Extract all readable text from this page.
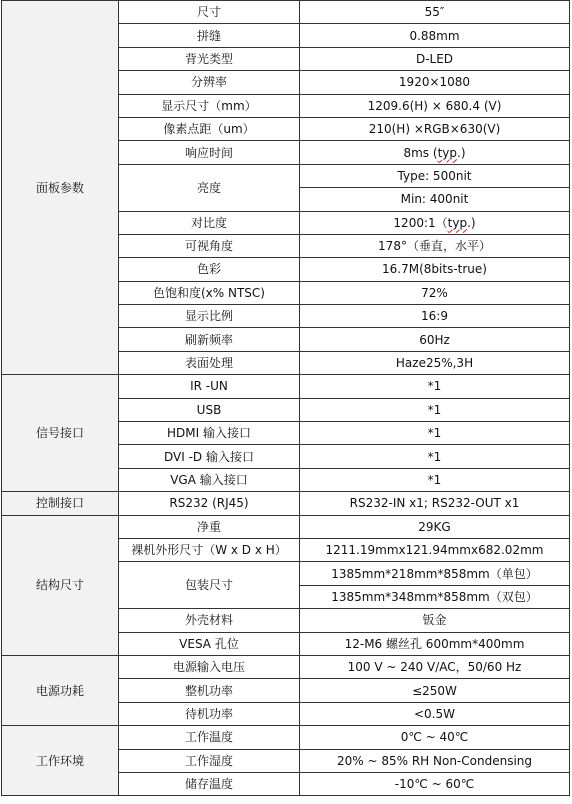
面板参数	尺寸	55″
	拼缝	0.88mm
	背光类型	D-LED
	分辨率	1920×1080
	显示尺寸（mm）	1209.6(H) × 680.4 (V)
	像素点距（um）	210(H) ×RGB×630(V)
	响应时间	8ms (typ.)
	亮度	Type: 500nit
		Min: 400nit
	对比度	1200:1（typ.)
	可视角度	178°（垂直，水平）
	色彩	16.7M(8bits-true)
	色饱和度(x% NTSC)	72%
	显示比例	16:9
	刷新频率	60Hz
	表面处理	Haze25%,3H
信号接口	IR -UN	*1
	USB	*1
	HDMI 输入接口	*1
	DVI -D 输入接口	*1
	VGA 输入接口	*1
控制接口	RS232 (RJ45)	RS232-IN x1; RS232-OUT x1
结构尺寸	净重	29KG
	裸机外形尺寸（W x D x H）	1211.19mmx121.94mmx682.02mm
	包装尺寸	1385mm*218mm*858mm（单包）
		1385mm*348mm*858mm（双包）
	外壳材料	钣金
	VESA 孔位	12-M6 螺丝孔 600mm*400mm
电源功耗	电源输入电压	100 V ~ 240 V/AC，50/60 Hz
	整机功率	≤250W
	待机功率	<0.5W
工作环境	工作温度	0℃ ~ 40℃
	工作湿度	20% ~ 85% RH Non-Condensing
	储存温度	-10℃ ~ 60℃
